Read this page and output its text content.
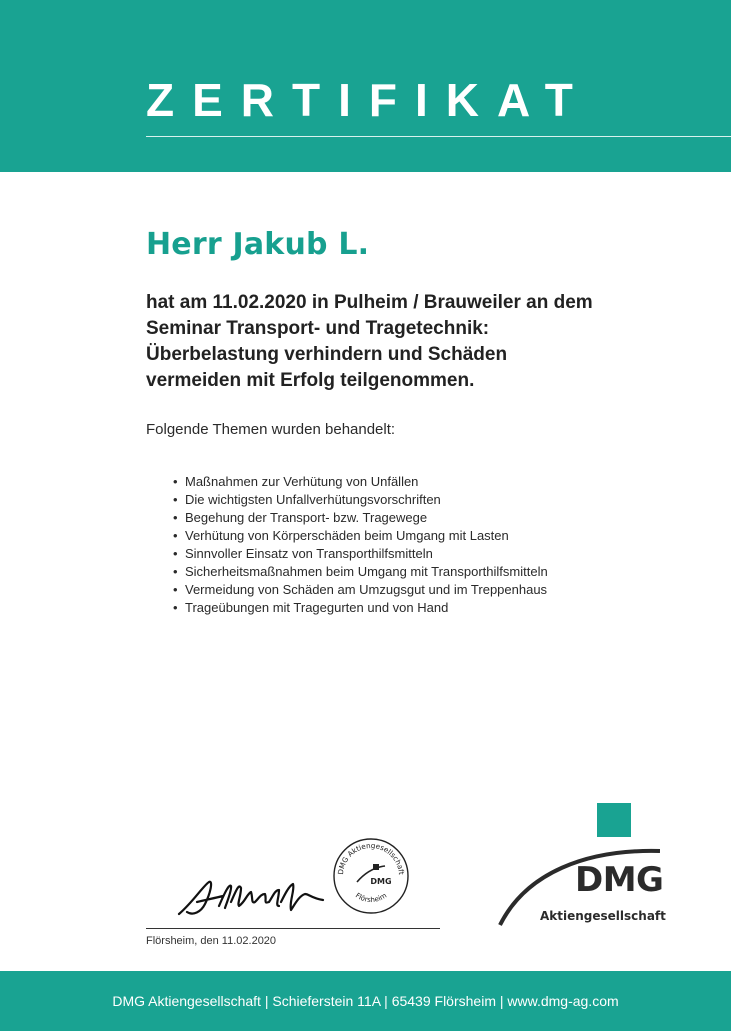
ZERTIFIKAT
Herr Jakub L.
hat am 11.02.2020 in Pulheim / Brauweiler an dem
Seminar Transport- und Tragetechnik:
Überbelastung verhindern und Schäden
vermeiden mit Erfolg teilgenommen.

Folgende Themen wurden behandelt:

• Maßnahmen zur Verhütung von Unfällen
• Die wichtigsten Unfallverhütungsvorschriften
• Begehung der Transport- bzw. Tragewege
• Verhütung von Körperschäden beim Umgang mit Lasten
• Sinnvoller Einsatz von Transporthilfsmitteln
• Sicherheitsmaßnahmen beim Umgang mit Transporthilfsmitteln
• Vermeidung von Schäden am Umzugsgut und im Treppenhaus
• Trageübungen mit Tragegurten und von Hand
DMG Aktiengesellschaft
DMG
Flörsheim

Flörsheim, den 11.02.2020

DMG

Aktiengesellschaft

DMG Aktiengesellschaft | Schieferstein 11A | 65439 Flörsheim | www.dmg-ag.com
